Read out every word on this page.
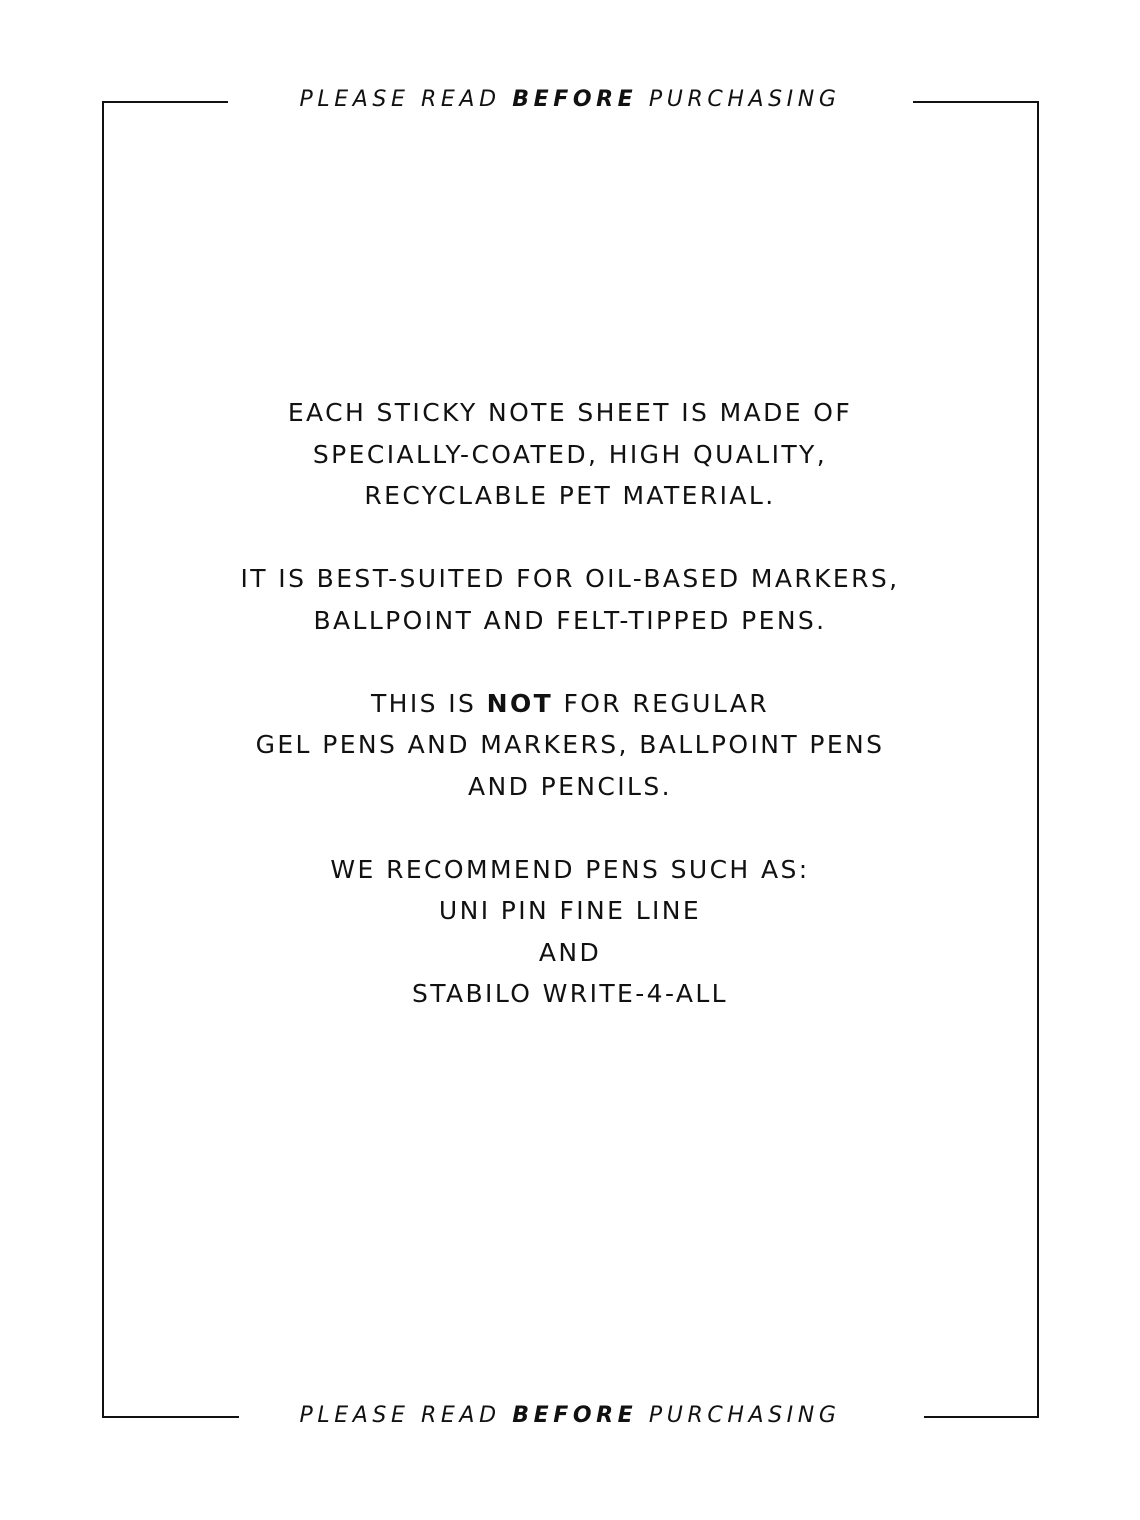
PLEASE READ BEFORE PURCHASING
EACH STICKY NOTE SHEET IS MADE OF
SPECIALLY-COATED, HIGH QUALITY,
RECYCLABLE PET MATERIAL.
IT IS BEST-SUITED FOR OIL-BASED MARKERS,
BALLPOINT AND FELT-TIPPED PENS.
THIS IS NOT FOR REGULAR
GEL PENS AND MARKERS, BALLPOINT PENS
AND PENCILS.
WE RECOMMEND PENS SUCH AS:
UNI PIN FINE LINE
AND
STABILO WRITE-4-ALL
PLEASE READ BEFORE PURCHASING
